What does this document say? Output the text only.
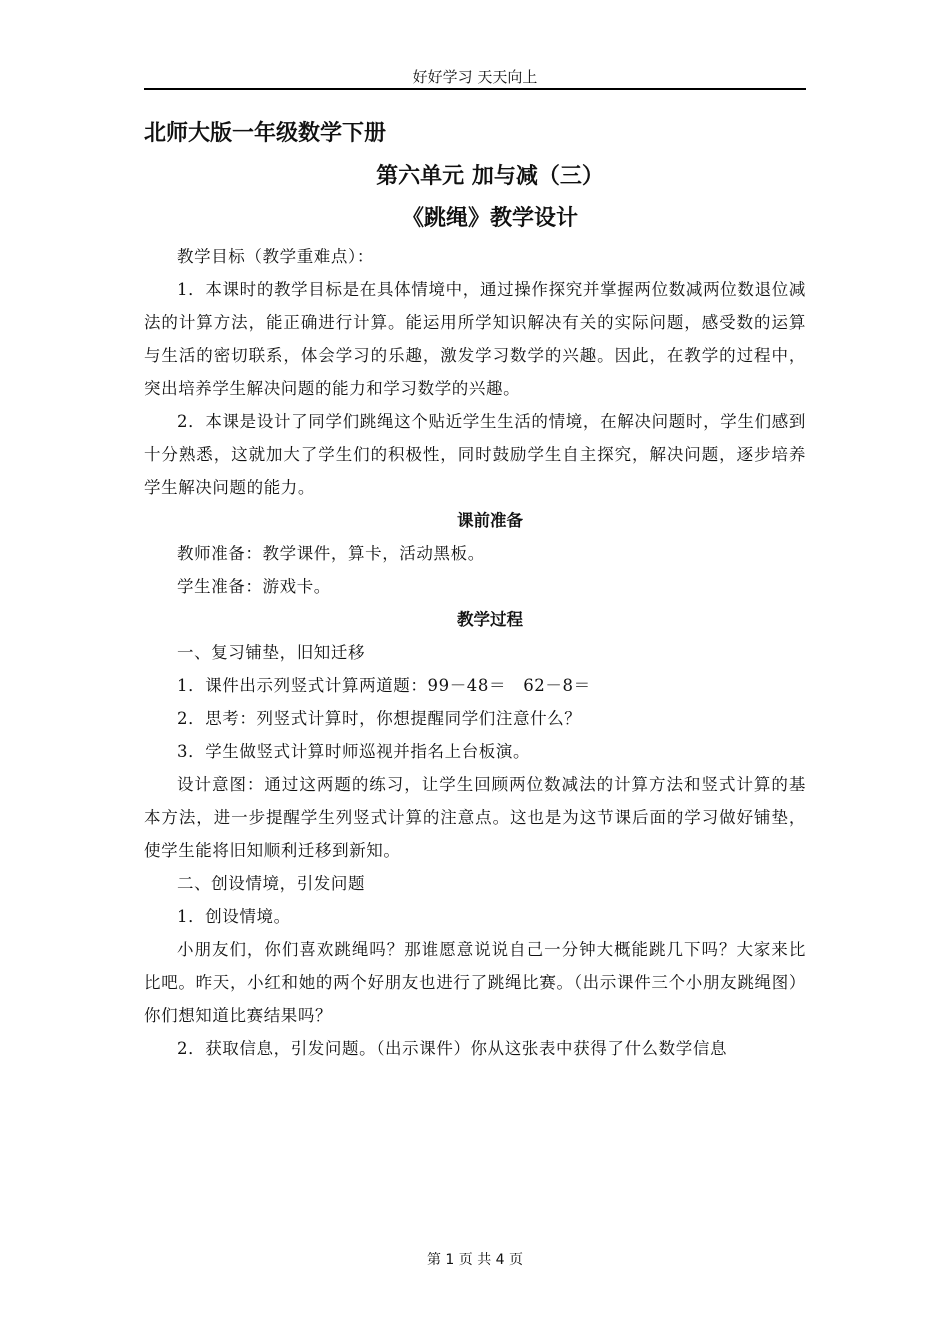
好好学习 天天向上

北师大版一年级数学下册

第六单元 加与减（三）

《跳绳》教学设计

教学目标（教学重难点）：

1．本课时的教学目标是在具体情境中，通过操作探究并掌握两位数减两位数退位减法的计算方法，能正确进行计算。能运用所学知识解决有关的实际问题，感受数的运算与生活的密切联系，体会学习的乐趣，激发学习数学的兴趣。因此，在教学的过程中，突出培养学生解决问题的能力和学习数学的兴趣。

2．本课是设计了同学们跳绳这个贴近学生生活的情境，在解决问题时，学生们感到十分熟悉，这就加大了学生们的积极性，同时鼓励学生自主探究，解决问题，逐步培养学生解决问题的能力。

课前准备

教师准备：教学课件，算卡，活动黑板。

学生准备：游戏卡。

教学过程

一、复习铺垫，旧知迁移

1．课件出示列竖式计算两道题：99－48＝　62－8＝

2．思考：列竖式计算时，你想提醒同学们注意什么？

3．学生做竖式计算时师巡视并指名上台板演。

设计意图：通过这两题的练习，让学生回顾两位数减法的计算方法和竖式计算的基本方法，进一步提醒学生列竖式计算的注意点。这也是为这节课后面的学习做好铺垫，使学生能将旧知顺利迁移到新知。

二、创设情境，引发问题

1．创设情境。

小朋友们，你们喜欢跳绳吗？那谁愿意说说自己一分钟大概能跳几下吗？大家来比比吧。昨天，小红和她的两个好朋友也进行了跳绳比赛。（出示课件三个小朋友跳绳图）你们想知道比赛结果吗？

2．获取信息，引发问题。（出示课件）你从这张表中获得了什么数学信息

第 1 页 共 4 页
